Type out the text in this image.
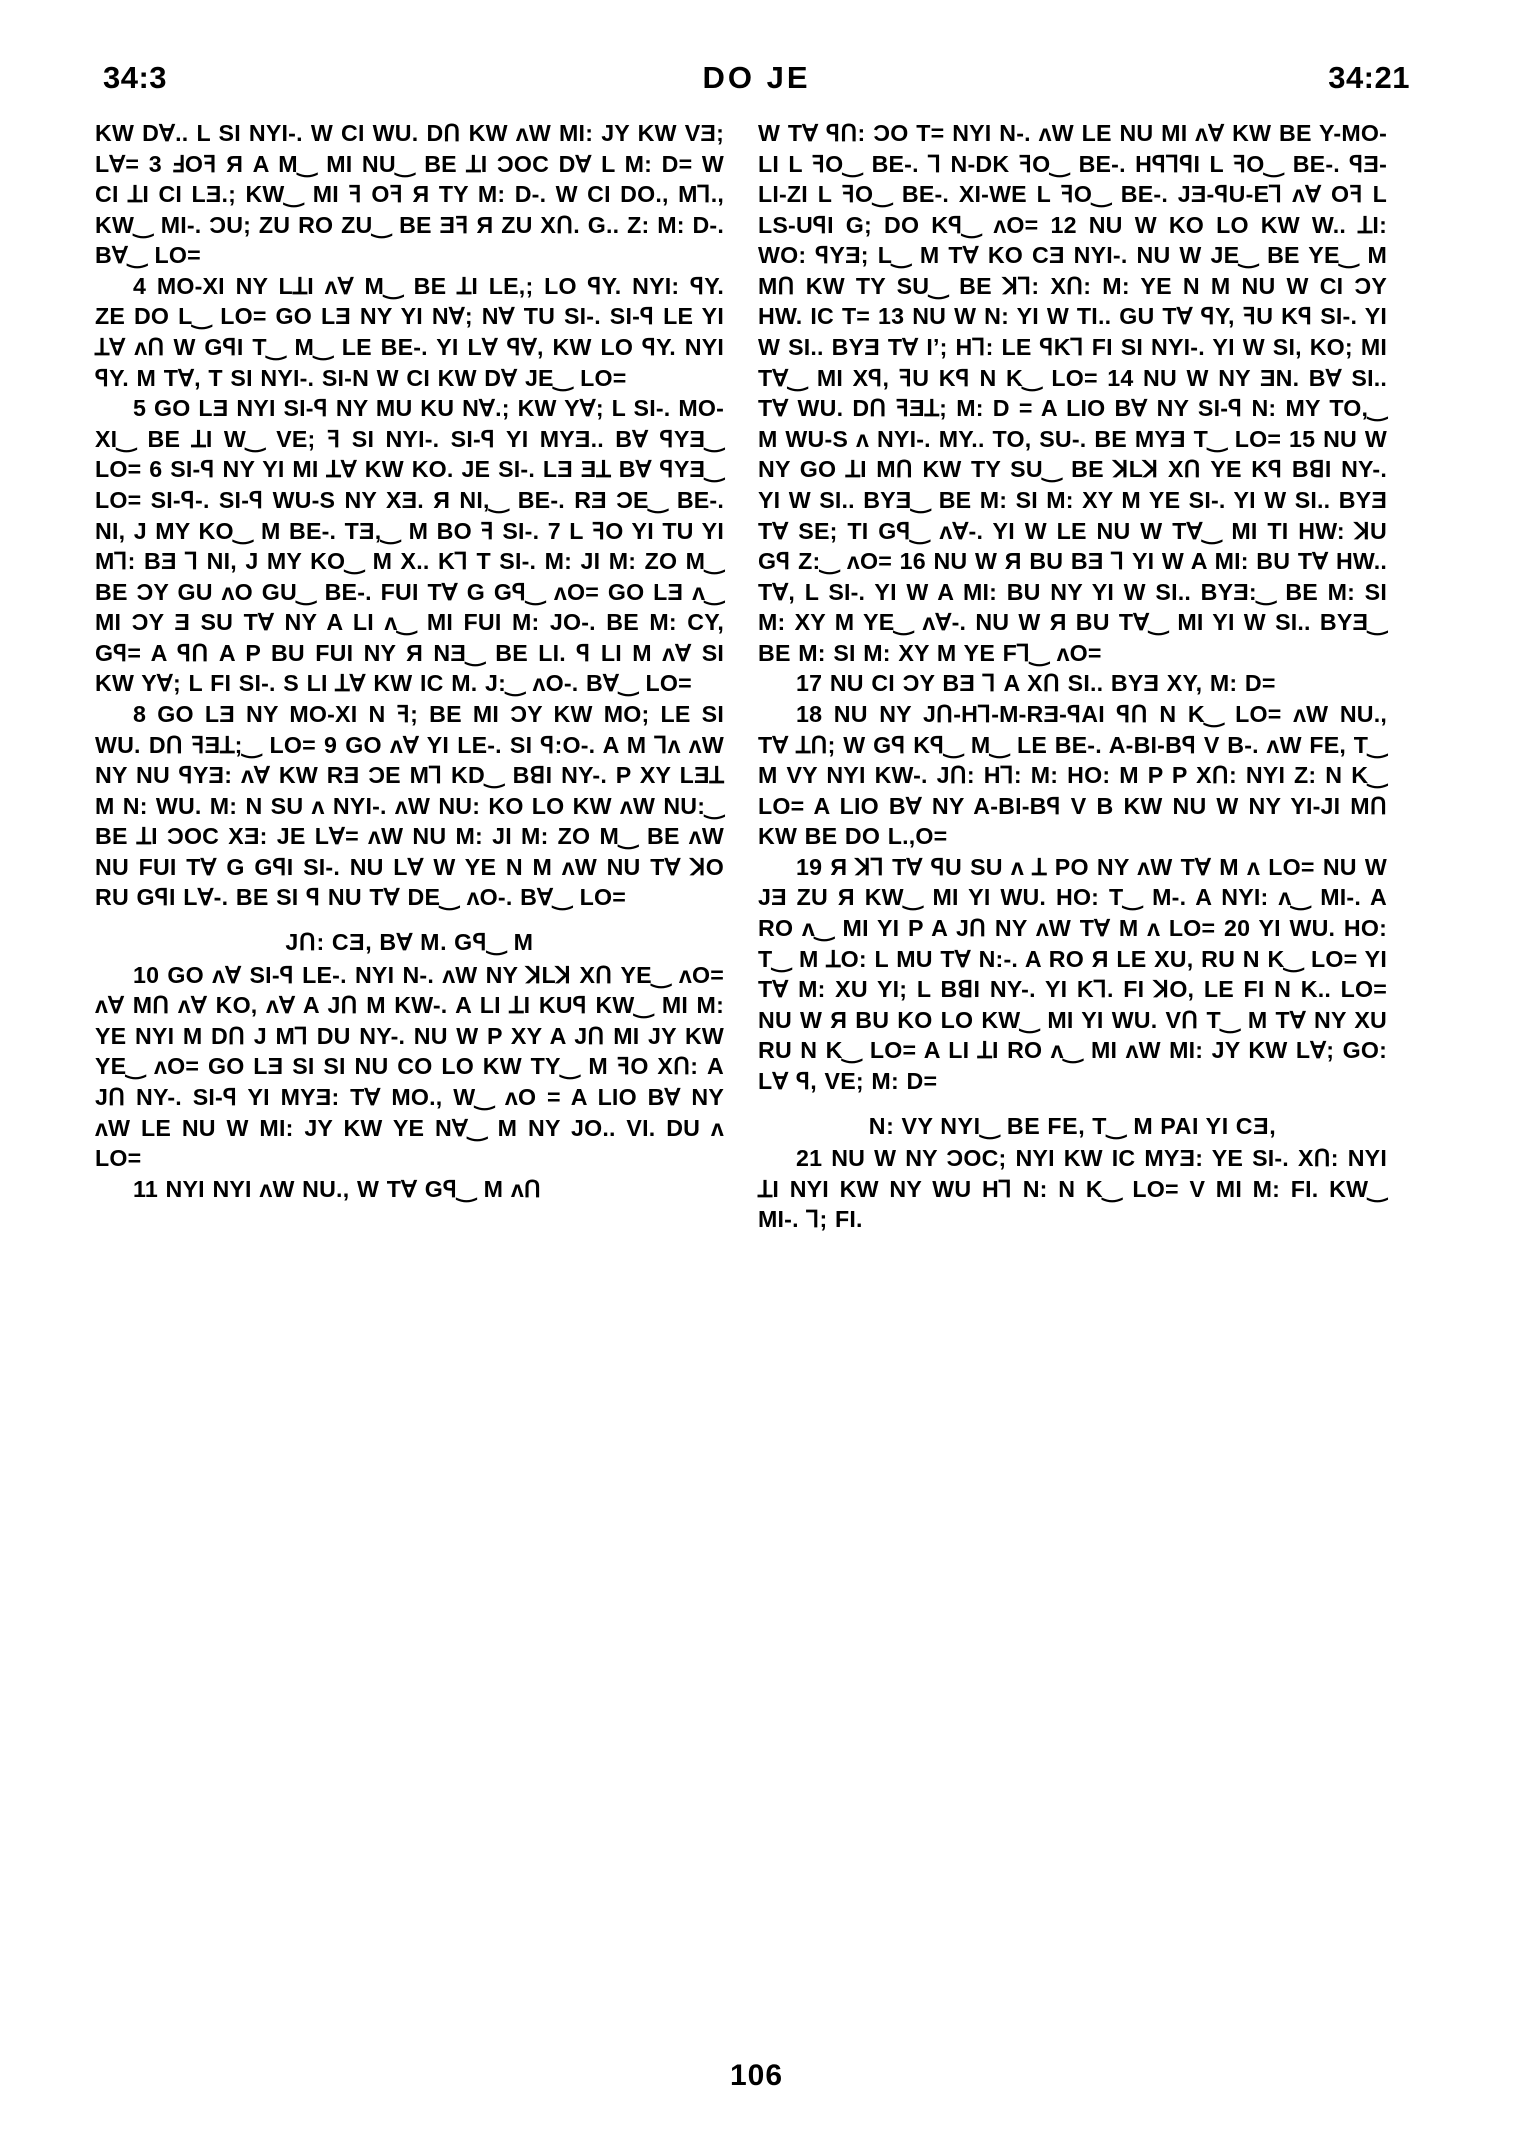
34:3	DO JE	34:21

KW DⱯ.. L SI NYI-. W CI WU. DՈ KW ᴧW MI: JY KW VƎ; LⱯ= 3 ꓞOꟻ Я A M‿ MI NU‿ BE ꓕI ƆOC DⱯ L M: D= W CI ꓕI CI LƎ.; KW‿ MI ꟻ Oꟻ Я TY M: D-. W CI DO., Mꓶ., KW‿ MI-. ƆU; ZU RO ZU‿ BE Ǝꟻ Я ZU XՈ. G.. Z: M: D-. BⱯ‿ LO=

4 MO-XI NY LꓕI ᴧⱯ M‿ BE ꓕI LE,; LO ꟼY. NYI: ꟼY. ZE DO L‿ LO= GO LƎ NY YI NⱯ; NⱯ TU SI-. SI-ꟼ LE YI ꓕⱯ ᴧՈ W GꟼI T‿ M‿ LE BE-. YI LⱯ ꟼⱯ, KW LO ꟼY. NYI ꟼY. M TⱯ, T SI NYI-. SI-N W CI KW DⱯ JE‿ LO=

5 GO LƎ NYI SI-ꟼ NY MU KU NⱯ.; KW YⱯ; L SI-. MO-XI‿ BE ꓕI W‿ VE; ꟻ SI NYI-. SI-ꟼ YI MYƎ.. BⱯ ꟼYƎ‿ LO= 6 SI-ꟼ NY YI MI ꓕⱯ KW KO. JE SI-. LƎ Ǝꓕ BⱯ ꟼYƎ‿ LO= SI-ꟼ-. SI-ꟼ WU-S NY XƎ. Я NI,‿ BE-. RƎ ƆE‿ BE-. NI, J MY KO‿ M BE-. TƎ,‿ M BO ꟻ SI-. 7 L ꟻO YI TU YI Mꓶ: BƎ ꓶ NI, J MY KO‿ M X.. Kꓶ T SI-. M: JI M: ZO M‿ BE ƆY GU ᴧO GU‿ BE-. FUI TⱯ G Gꟼ‿ ᴧO= GO LƎ ᴧ‿ MI ƆY Ǝ SU TⱯ NY A LI ᴧ‿ MI FUI M: JO-. BE M: CY, Gꟼ= A ꟼՈ A P BU FUI NY Я NƎ‿ BE LI. ꟼ LI M ᴧⱯ SI KW YⱯ; L FI SI-. S LI ꓕⱯ KW IC M. J:‿ ᴧO-. BⱯ‿ LO=

8 GO LƎ NY MO-XI N ꟻ; BE MI ƆY KW MO; LE SI WU. DՈ ꟻƎꓕ;‿ LO= 9 GO ᴧⱯ YI LE-. SI ꟼ:O-. A M ꓶᴧ ᴧW NY NU ꟼYƎ: ᴧⱯ KW RƎ ƆE Mꓶ KD‿ BꓭI NY-. P XY LƎꓕ M N: WU. M: N SU ᴧ NYI-. ᴧW NU: KO LO KW ᴧW NU:‿ BE ꓕI ƆOC XƎ: JE LⱯ= ᴧW NU M: JI M: ZO M‿ BE ᴧW NU FUI TⱯ G GꟼI SI-. NU LⱯ W YE N M ᴧW NU TⱯ ꓘO RU GꟼI LⱯ-. BE SI ꟼ NU TⱯ DE‿ ᴧO-. BⱯ‿ LO=

JՈ: CƎ, BⱯ M. Gꟼ‿ M

10 GO ᴧⱯ SI-ꟼ LE-. NYI N-. ᴧW NY ꓘLꓘ XՈ YE‿ ᴧO= ᴧⱯ MՈ ᴧⱯ KO, ᴧⱯ A JՈ M KW-. A LI ꓕI KUꟼ KW‿ MI M: YE NYI M DՈ J Mꓶ DU NY-. NU W P XY A JՈ MI JY KW YE‿ ᴧO= GO LƎ SI SI NU CO LO KW TY‿ M ꟻO XՈ: A JՈ NY-. SI-ꟼ YI MYƎ: TⱯ MO., W‿ ᴧO = A LIO BⱯ NY ᴧW LE NU W MI: JY KW YE NⱯ‿ M NY JO.. VI. DU ᴧ LO=

11 NYI NYI ᴧW NU., W TⱯ Gꟼ‿ M ᴧՈ

W TⱯ ꟼՈ: ƆO T= NYI N-. ᴧW LE NU MI ᴧⱯ KW BE Y-MO-LI L ꟻO‿ BE-. ꓶ N-DK ꟻO‿ BE-. HꟼꓶꟼI L ꟻO‿ BE-. ꟼƎ-LI-ZI L ꟻO‿ BE-. XI-WE L ꟻO‿ BE-. JƎ-ꟼU-Eꓶ ᴧⱯ Oꟻ L LS-UꟼI G; DO Kꟼ‿ ᴧO= 12 NU W KO LO KW W.. ꓕI: WO: ꟼYƎ; L‿ M TⱯ KO CƎ NYI-. NU W JE‿ BE YE‿ M MՈ KW TY SU‿ BE ꓘꓶ: XՈ: M: YE N M NU W CI ƆY HW. IC T= 13 NU W N: YI W TI.. GU TⱯ ꟼY, ꟻU Kꟼ SI-. YI W SI.. BYƎ TⱯ Iʼ; Hꓶ: LE ꟼKꓶ FI SI NYI-. YI W SI, KO; MI TⱯ‿ MI Xꟼ, ꟻU Kꟼ N K‿ LO= 14 NU W NY ƎN. BⱯ SI.. TⱯ WU. DՈ ꟻƎꓕ; M: D = A LIO BⱯ NY SI-ꟼ N: MY TO,‿ M WU-S ᴧ NYI-. MY.. TO, SU-. BE MYƎ T‿ LO= 15 NU W NY GO ꓕI MՈ KW TY SU‿ BE ꓘLꓘ XՈ YE Kꟼ BꓭI NY-. YI W SI.. BYƎ‿ BE M: SI M: XY M YE SI-. YI W SI.. BYƎ TⱯ SE; TI Gꟼ‿ ᴧⱯ-. YI W LE NU W TⱯ‿ MI TI HW: ꓘU Gꟼ Z:‿ ᴧO= 16 NU W Я BU BƎ ꓶ YI W A MI: BU TⱯ HW.. TⱯ, L SI-. YI W A MI: BU NY YI W SI.. BYƎ:‿ BE M: SI M: XY M YE‿ ᴧⱯ-. NU W Я BU TⱯ‿ MI YI W SI.. BYƎ‿ BE M: SI M: XY M YE Fꓶ‿ ᴧO=

17 NU CI ƆY BƎ ꓶ A XՈ SI.. BYƎ XY, M: D=

18 NU NY JՈ-Hꓶ-M-RƎ-ꟼAI ꟼՈ N K‿ LO= ᴧW NU., TⱯ ꓕՈ; W Gꟼ Kꟼ‿ M‿ LE BE-. A-BI-Bꟼ V B-. ᴧW FE, T‿ M VY NYI KW-. JՈ: Hꓶ: M: HO: M P P XՈ: NYI Z: N K‿ LO= A LIO BⱯ NY A-BI-Bꟼ V B KW NU W NY YI-JI MՈ KW BE DO L.,O=

19 Я ꓘꓶ TⱯ ꟼU SU ᴧ ꓕ PO NY ᴧW TⱯ M ᴧ LO= NU W JƎ ZU Я KW‿ MI YI WU. HO: T‿ M-. A NYI: ᴧ‿ MI-. A RO ᴧ‿ MI YI P A JՈ NY ᴧW TⱯ M ᴧ LO= 20 YI WU. HO: T‿ M ꓕO: L MU TⱯ N:-. A RO Я LE XU, RU N K‿ LO= YI TⱯ M: XU YI; L BꓭI NY-. YI Kꓶ. FI ꓘO, LE FI N K.. LO= NU W Я BU KO LO KW‿ MI YI WU. VՈ T‿ M TⱯ NY XU RU N K‿ LO= A LI ꓕI RO ᴧ‿ MI ᴧW MI: JY KW LⱯ; GO: LⱯ ꟼ, VE; M: D=

N: VY NYI‿ BE FE, T‿ M PAI YI CƎ,

21 NU W NY ƆOC; NYI KW IC MYƎ: YE SI-. XՈ: NYI ꓕI NYI KW NY WU Hꓶ N: N K‿ LO= V MI M: FI. KW‿ MI-. ꓶ; FI.

106
